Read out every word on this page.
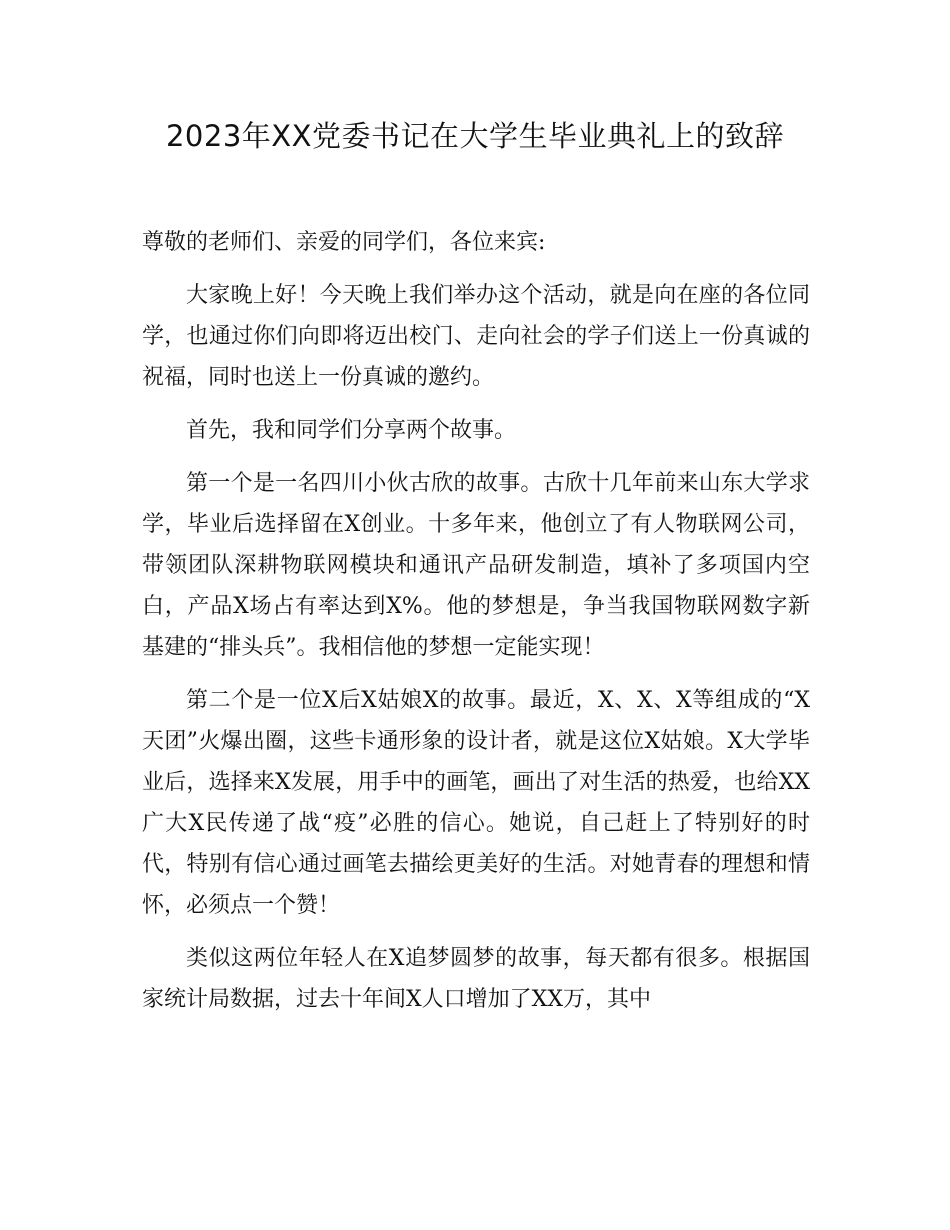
2023年XX党委书记在大学生毕业典礼上的致辞

尊敬的老师们、亲爱的同学们，各位来宾:

大家晚上好！今天晚上我们举办这个活动，就是向在座的各位同学，也通过你们向即将迈出校门、走向社会的学子们送上一份真诚的祝福，同时也送上一份真诚的邀约。

首先，我和同学们分享两个故事。

第一个是一名四川小伙古欣的故事。古欣十几年前来山东大学求学，毕业后选择留在X创业。十多年来，他创立了有人物联网公司，带领团队深耕物联网模块和通讯产品研发制造，填补了多项国内空白，产品X场占有率达到X%。他的梦想是，争当我国物联网数字新基建的“排头兵”。我相信他的梦想一定能实现！

第二个是一位X后X姑娘X的故事。最近，X、X、X等组成的“X天团”火爆出圈，这些卡通形象的设计者，就是这位X姑娘。X大学毕业后，选择来X发展，用手中的画笔，画出了对生活的热爱，也给XX广大X民传递了战“疫”必胜的信心。她说，自己赶上了特别好的时代，特别有信心通过画笔去描绘更美好的生活。对她青春的理想和情怀，必须点一个赞！

类似这两位年轻人在X追梦圆梦的故事，每天都有很多。根据国家统计局数据，过去十年间X人口增加了XX万，其中
